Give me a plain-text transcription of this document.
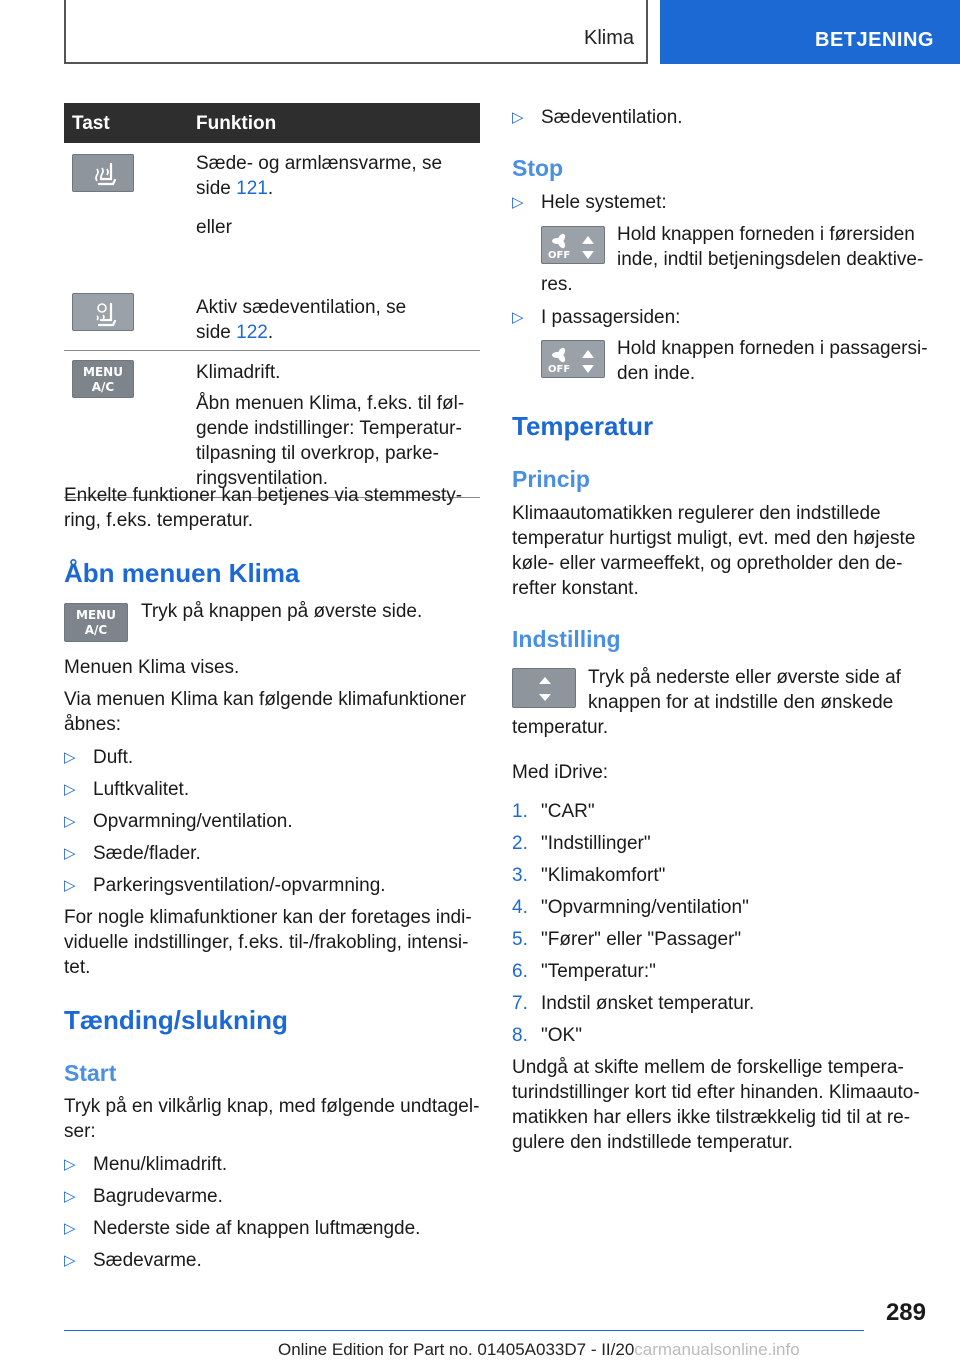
Klima	BETJENING
Tast	Funktion

Sæde- og armlænsvarme, se

side 121.

eller

Aktiv sædeventilation, se

side 122.

MENU
A/C

Klimadrift.

Åbn menuen Klima, f.eks. til føl-

gende indstillinger: Temperatur-

tilpasning til overkrop, parke-

ringsventilation.

Enkelte funktioner kan betjenes via stemmesty-

ring, f.eks. temperatur.

Åbn menuen Klima
MENU
A/C

Tryk på knappen på øverste side.

Menuen Klima vises.

Via menuen Klima kan følgende klimafunktioner

åbnes:

▷ Duft.
▷ Luftkvalitet.
▷ Opvarmning/ventilation.
▷ Sæde/flader.
▷ Parkeringsventilation/-opvarmning.

For nogle klimafunktioner kan der foretages indi-

viduelle indstillinger, f.eks. til-/frakobling, intensi-

tet.

Tænding/slukning
Start

Tryk på en vilkårlig knap, med følgende undtagel-

ser:

▷ Menu/klimadrift.
▷ Bagrudevarme.
▷ Nederste side af knappen luftmængde.
▷ Sædevarme.
▷ Sædeventilation.
Stop
▷ Hele systemet:
OFF

Hold knappen forneden i førersiden

inde, indtil betjeningsdelen deaktive-

res.

▷ I passagersiden:
OFF

Hold knappen forneden i passagersi-

den inde.

Temperatur
Princip

Klimaautomatikken regulerer den indstillede

temperatur hurtigst muligt, evt. med den højeste

køle- eller varmeeffekt, og opretholder den de-

refter konstant.

Indstilling

Tryk på nederste eller øverste side af

knappen for at indstille den ønskede

temperatur.

Med iDrive:

1. "CAR"
2. "Indstillinger"
3. "Klimakomfort"
4. "Opvarmning/ventilation"
5. "Fører" eller "Passager"
6. "Temperatur:"
7. Indstil ønsket temperatur.
8. "OK"

Undgå at skifte mellem de forskellige tempera-

turindstillinger kort tid efter hinanden. Klimaauto-

matikken har ellers ikke tilstrækkelig tid til at re-

gulere den indstillede temperatur.

289
Online Edition for Part no. 01405A033D7 - II/20carmanualsonline.info
